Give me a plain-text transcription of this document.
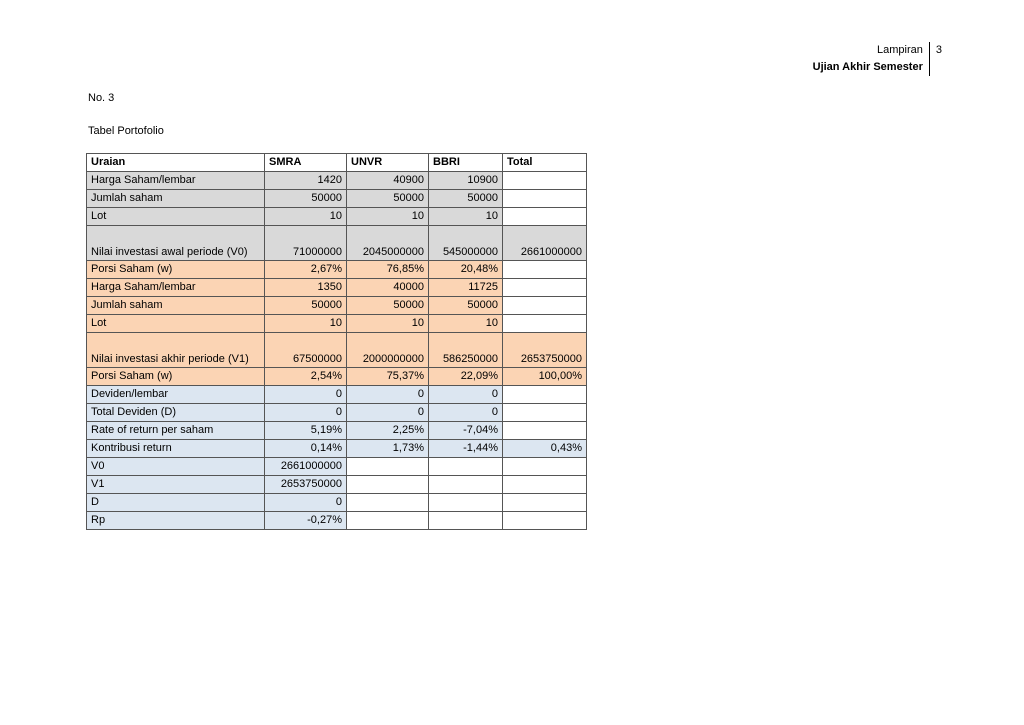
Lampiran
Ujian Akhir Semester
3
No. 3
Tabel Portofolio
Uraian	SMRA	UNVR	BBRI	Total
Harga Saham/lembar	1420	40900	10900	
Jumlah saham	50000	50000	50000	
Lot	10	10	10	
Nilai investasi awal periode (V0)	71000000	2045000000	545000000	2661000000
Porsi Saham (w)	2,67%	76,85%	20,48%	
Harga Saham/lembar	1350	40000	11725	
Jumlah saham	50000	50000	50000	
Lot	10	10	10	
Nilai investasi akhir periode (V1)	67500000	2000000000	586250000	2653750000
Porsi Saham (w)	2,54%	75,37%	22,09%	100,00%
Deviden/lembar	0	0	0	
Total Deviden (D)	0	0	0	
Rate of return per saham	5,19%	2,25%	-7,04%	
Kontribusi return	0,14%	1,73%	-1,44%	0,43%
V0	2661000000			
V1	2653750000			
D	0			
Rp	-0,27%			
